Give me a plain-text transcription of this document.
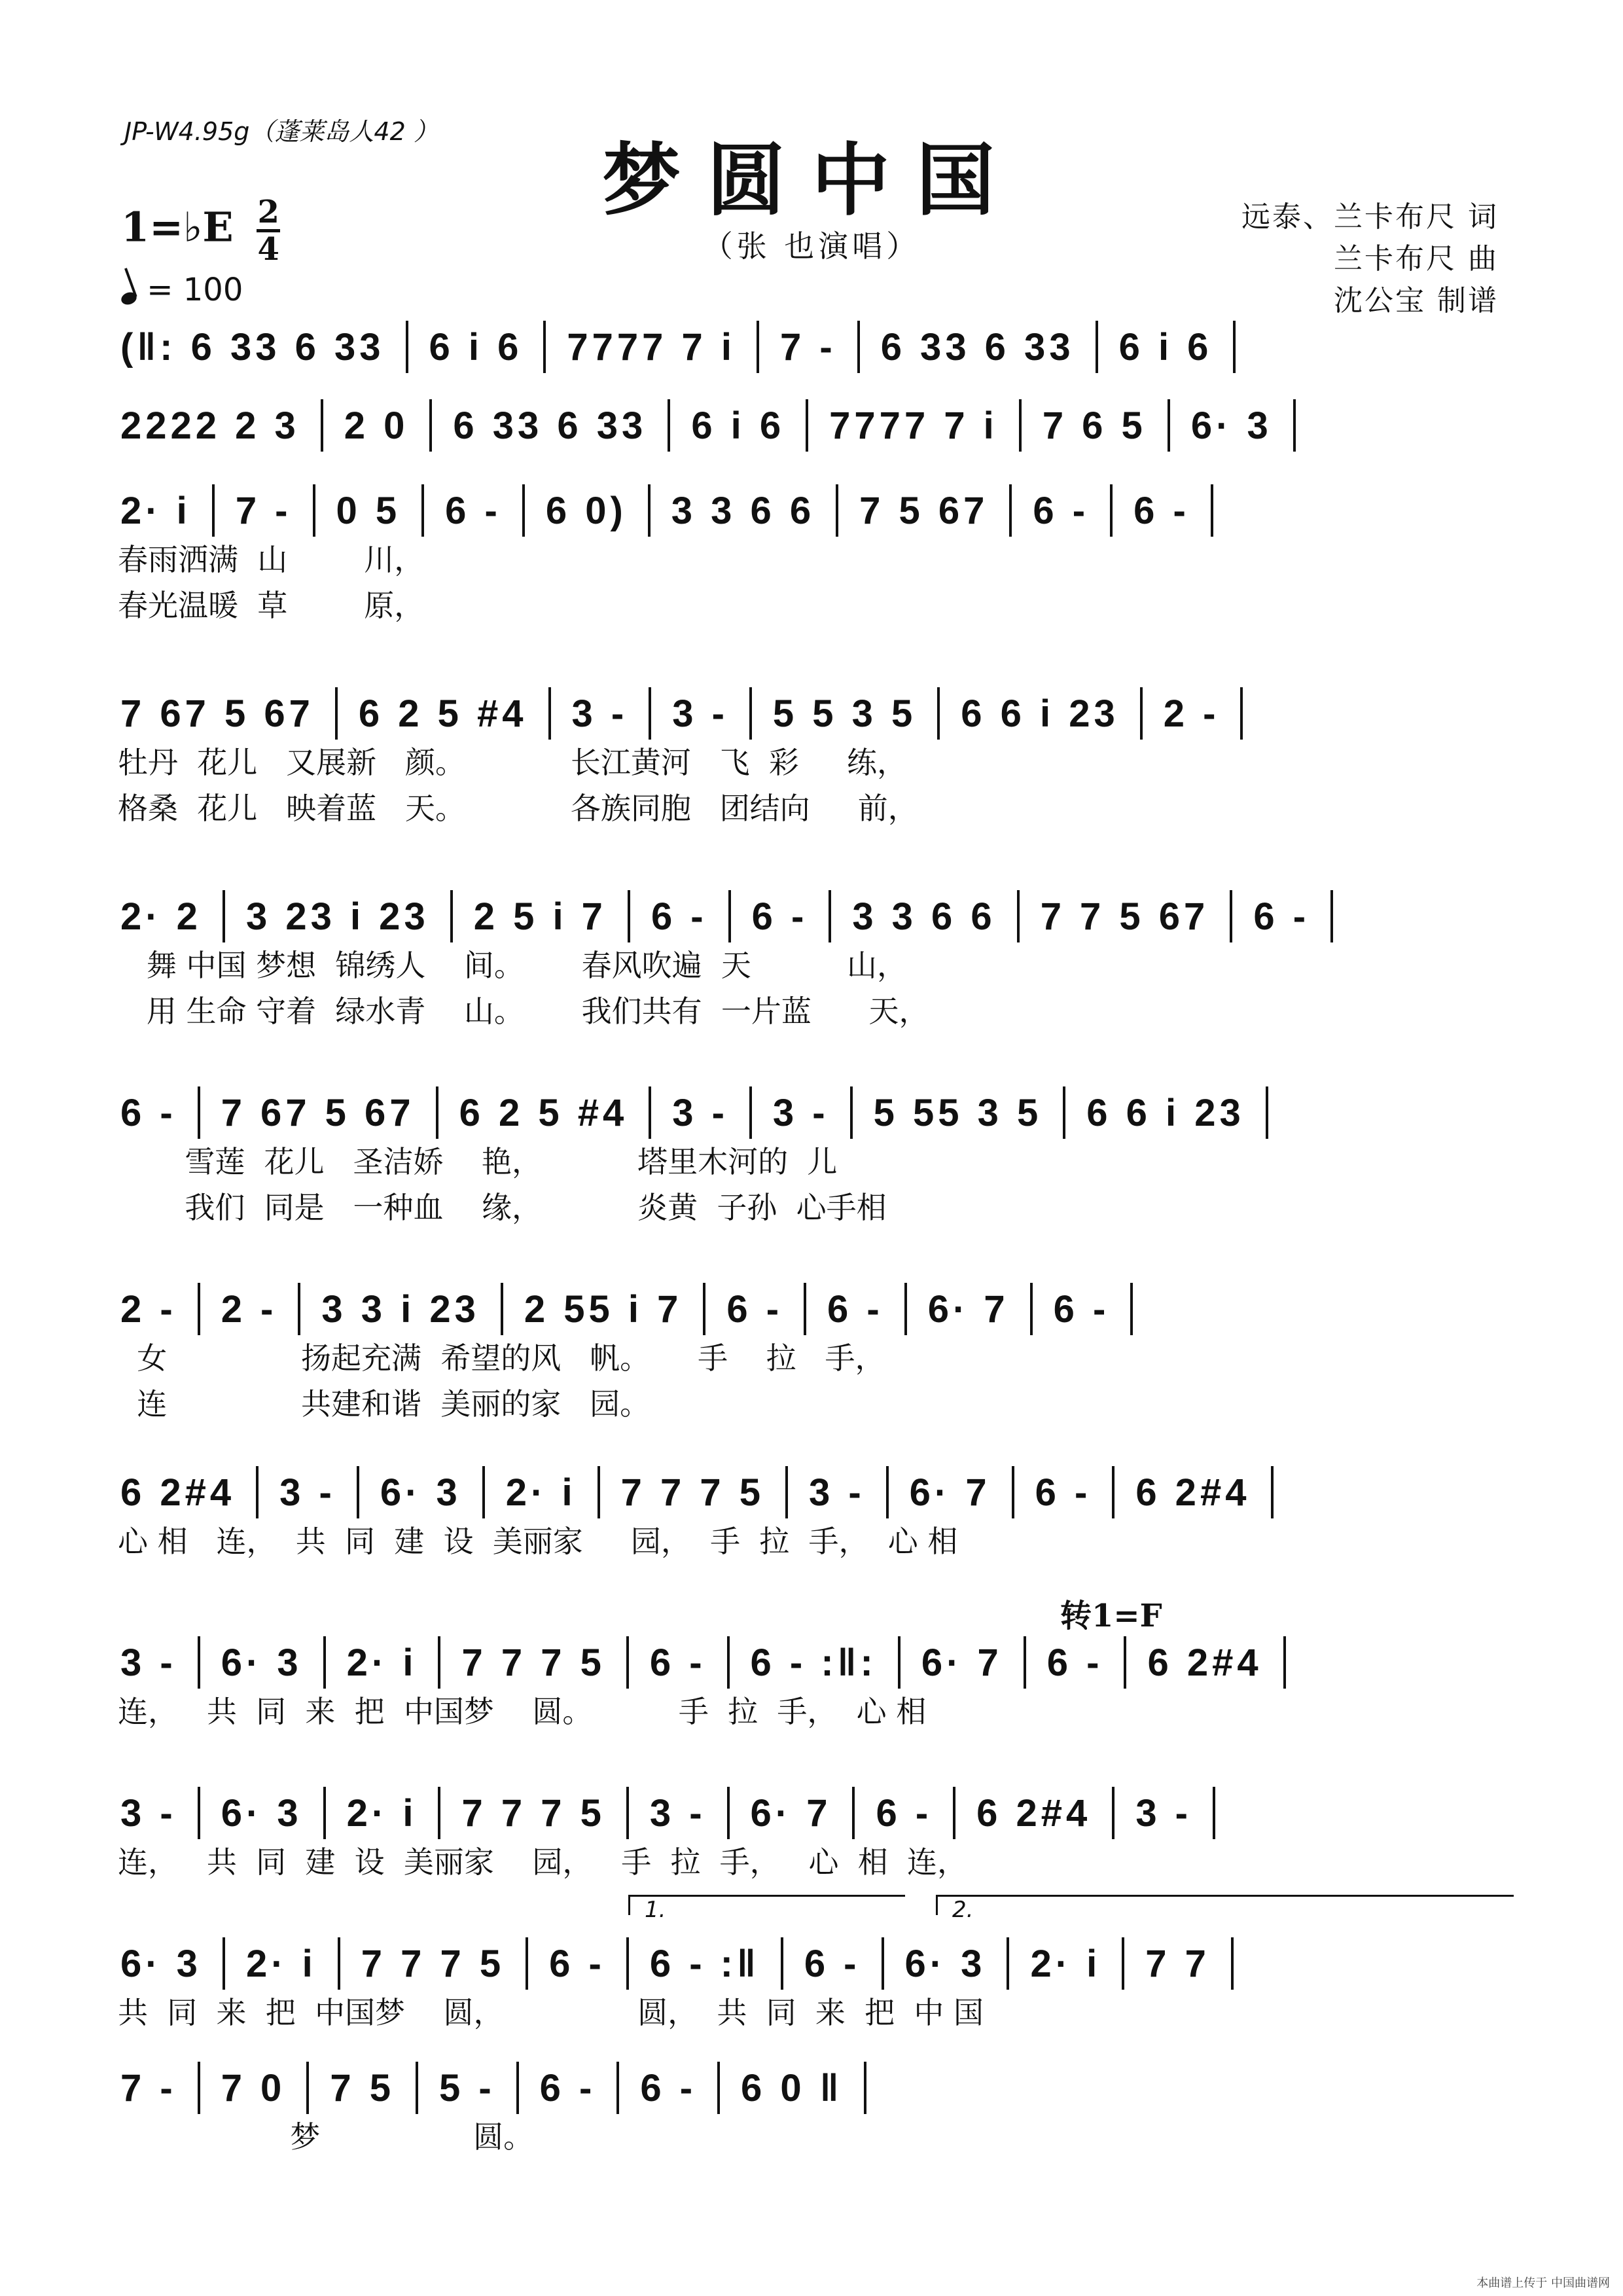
JP-W4.95g（蓬莱岛人42 ）
梦圆中国
（张 也演唱）
1=♭E 2
4
= 100
远泰、兰卡布尺 词
兰卡布尺 曲
沈公宝 制谱
(‖: 6 33 6 33 6 i 6 7777 7 i 7 - 6 33 6 33 6 i 6
2222 2 3 2 0 6 33 6 33 6 i 6 7777 7 i 7 6 5 6· 3
2· i 7 - 0 5 6 - 6 0) 3 3 6 6 7 5 67 6 - 6 -
春雨洒满  山        川，
春光温暖  草        原，
7 67 5 67 6 2 5 #4 3 - 3 - 5 5 3 5 6 6 i 23 2 -
牡丹  花儿   又展新   颜。           长江黄河   飞  彩     练，
格桑  花儿   映着蓝   天。           各族同胞   团结向     前，
2· 2 3 23 i 23 2 5 i 7 6 - 6 - 3 3 6 6 7 7 5 67 6 -
舞 中国 梦想  锦绣人    间。      春风吹遍  天          山，
用 生命 守着  绿水青    山。      我们共有  一片蓝      天，
6 - 7 67 5 67 6 2 5 #4 3 - 3 - 5 55 3 5 6 6 i 23
雪莲  花儿   圣洁娇    艳，          塔里木河的  儿
我们  同是   一种血    缘，          炎黄  子孙  心手相
2 - 2 - 3 3 i 23 2 55 i 7 6 - 6 - 6· 7 6 -
女              扬起充满  希望的风   帆。     手    拉   手，
连              共建和谐  美丽的家   园。
6 2#4 3 - 6· 3 2· i 7 7 7 5 3 - 6· 7 6 - 6 2#4
心 相   连，  共  同  建  设  美丽家     园，  手  拉  手，  心 相
3 - 6· 3 2· i 7 7 7 5 6 - 6 - :‖: 6· 7 6 - 6 2#4
连，   共  同  来  把  中国梦    圆。         手  拉  手，  心 相
3 - 6· 3 2· i 7 7 7 5 3 - 6· 7 6 - 6 2#4 3 -
连，   共  同  建  设  美丽家    园，   手  拉  手，   心  相  连，
6· 3 2· i 7 7 7 5 6 - 6 - :‖ 6 - 6· 3 2· i 7 7
共  同  来  把  中国梦    圆，              圆，  共  同  来  把  中 国
7 - 7 0 7 5 5 - 6 - 6 - 6 0 ‖
梦                圆。
转1=F
1.	2.
本曲谱上传于 中国曲谱网
